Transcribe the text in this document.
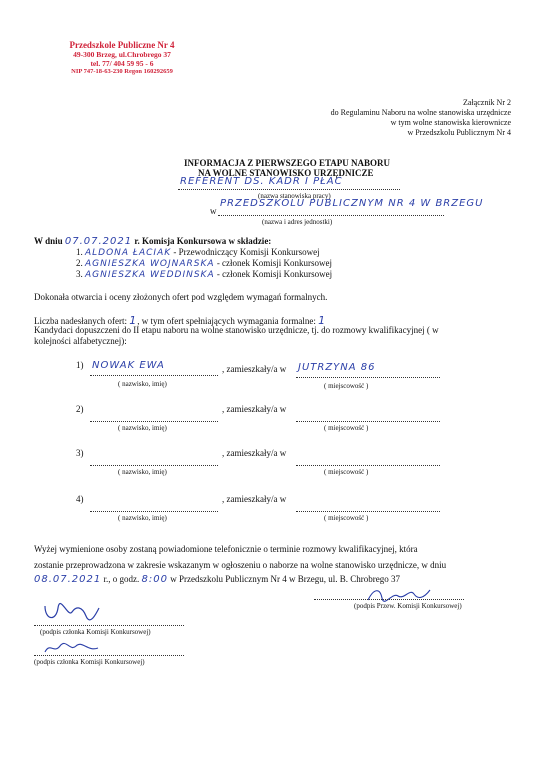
Przedszkole Publiczne Nr 4
49-300 Brzeg, ul.Chrobrego 37
tel. 77/ 404 59 95 - 6
NIP 747-18-63-230 Regon 160292659
Załącznik Nr 2
do Regulaminu Naboru na wolne stanowiska urzędnicze
w tym wolne stanowiska kierownicze
w Przedszkolu Publicznym Nr 4
INFORMACJA Z PIERWSZEGO ETAPU NABORU
NA WOLNE STANOWISKO URZĘDNICZE
REFERENT DS. KADR I PŁAC
(nazwa stanowiska pracy)
w
PRZEDSZKOLU PUBLICZNYM NR 4 W BRZEGU
(nazwa i adres jednostki)
W dniu 07.07.2021 r. Komisja Konkursowa w składzie:
1. ALDONA ŁACIAK - Przewodniczący Komisji Konkursowej
2. AGNIESZKA WOJNARSKA - członek Komisji Konkursowej
3. AGNIESZKA WEDDINSKA - członek Komisji Konkursowej
Dokonała otwarcia i oceny złożonych ofert pod względem wymagań formalnych.
Liczba nadesłanych ofert: 1, w tym ofert spełniających wymagania formalne: 1
Kandydaci dopuszczeni do II etapu naboru na wolne stanowisko urzędnicze, tj. do rozmowy kwalifikacyjnej ( w
kolejności alfabetycznej):
1) NOWAK EWA	, zamieszkały/a w JUTRZYNA 86
( nazwisko, imię)	( miejscowość )
2)	, zamieszkały/a w
( nazwisko, imię)	( miejscowość )
3)	, zamieszkały/a w
( nazwisko, imię)	( miejscowość )
4)	, zamieszkały/a w
( nazwisko, imię)	( miejscowość )
Wyżej wymienione osoby zostaną powiadomione telefonicznie o terminie rozmowy kwalifikacyjnej, która
zostanie przeprowadzona w zakresie wskazanym w ogłoszeniu o naborze na wolne stanowisko urzędnicze, w dniu
08.07.2021 r., o godz. 8:00 w Przedszkolu Publicznym Nr 4 w Brzegu, ul. B. Chrobrego 37
(podpis Przew. Komisji Konkursowej)
(podpis członka Komisji Konkursowej)
(podpis członka Komisji Konkursowej)
